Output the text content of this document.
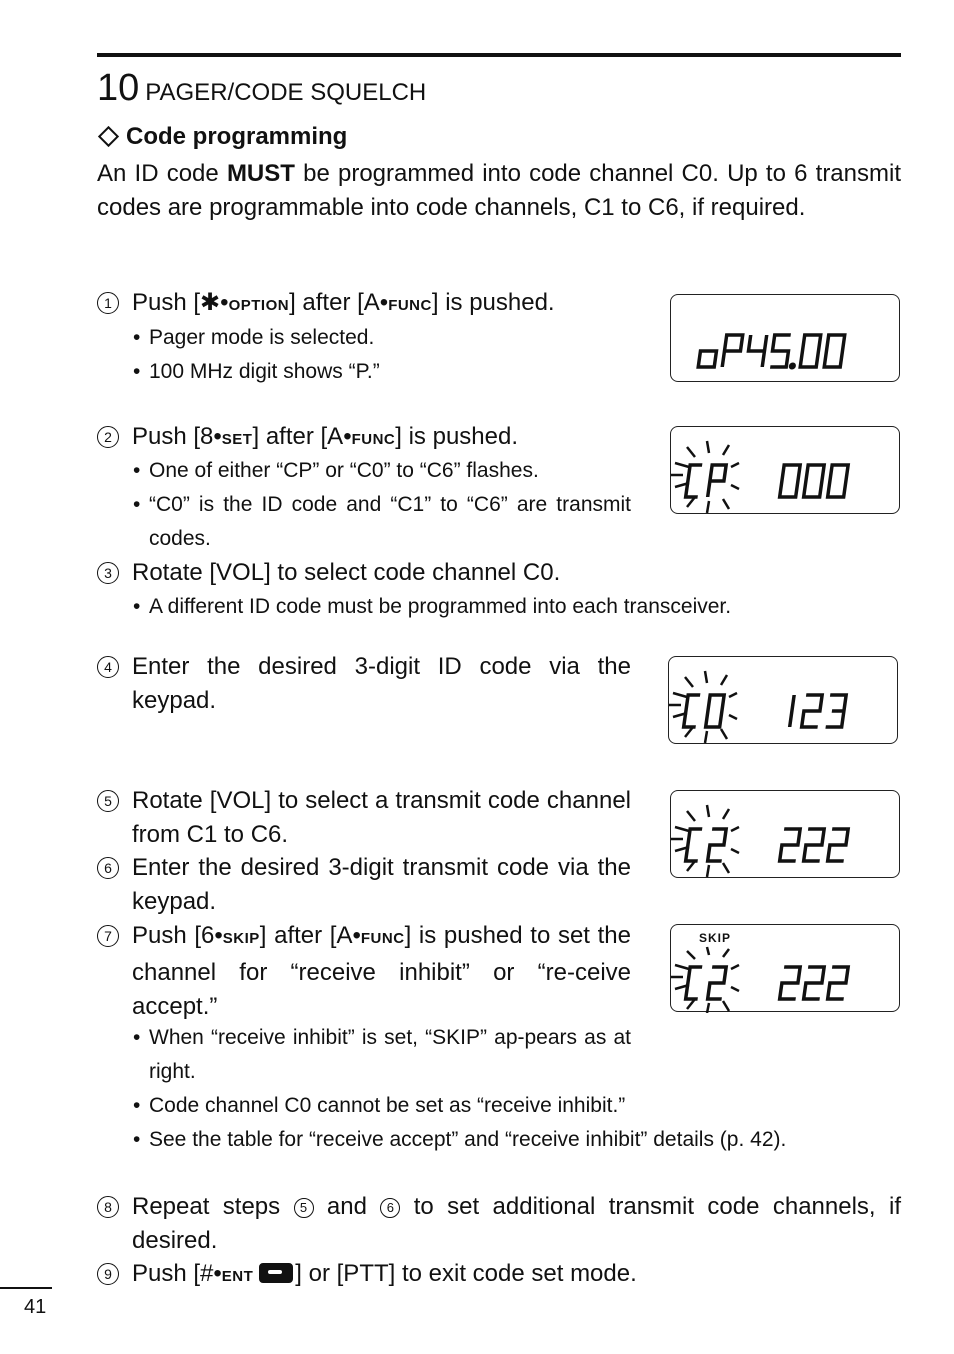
10 PAGER/CODE SQUELCH
Code programming
An ID code MUST be programmed into code channel C0. Up to 6 transmit codes are programmable into code channels, C1 to C6, if required.
1 Push [✱•OPTION] after [A•FUNC] is pushed.
• Pager mode is selected.
• 100 MHz digit shows “P.”
2 Push [8•SET] after [A•FUNC] is pushed.
• One of either “CP” or “C0” to “C6” flashes.
• “C0” is the ID code and “C1” to “C6” are transmit codes.
3 Rotate [VOL] to select code channel C0.
• A different ID code must be programmed into each transceiver.
4 Enter the desired 3-digit ID code via the keypad.
5 Rotate [VOL] to select a transmit code channel from C1 to C6.
6 Enter the desired 3-digit transmit code via the keypad.
7 Push [6•SKIP] after [A•FUNC] is pushed to set the channel for “receive inhibit” or “re-ceive accept.”
• When “receive inhibit” is set, “SKIP” ap-pears as at right.
• Code channel C0 cannot be set as “receive inhibit.”
• See the table for “receive accept” and “receive inhibit” details (p. 42).
8 Repeat steps 5 and 6 to set additional transmit code channels, if desired.
9 Push [#•ENT ] or [PTT] to exit code set mode.
SKIP
41
